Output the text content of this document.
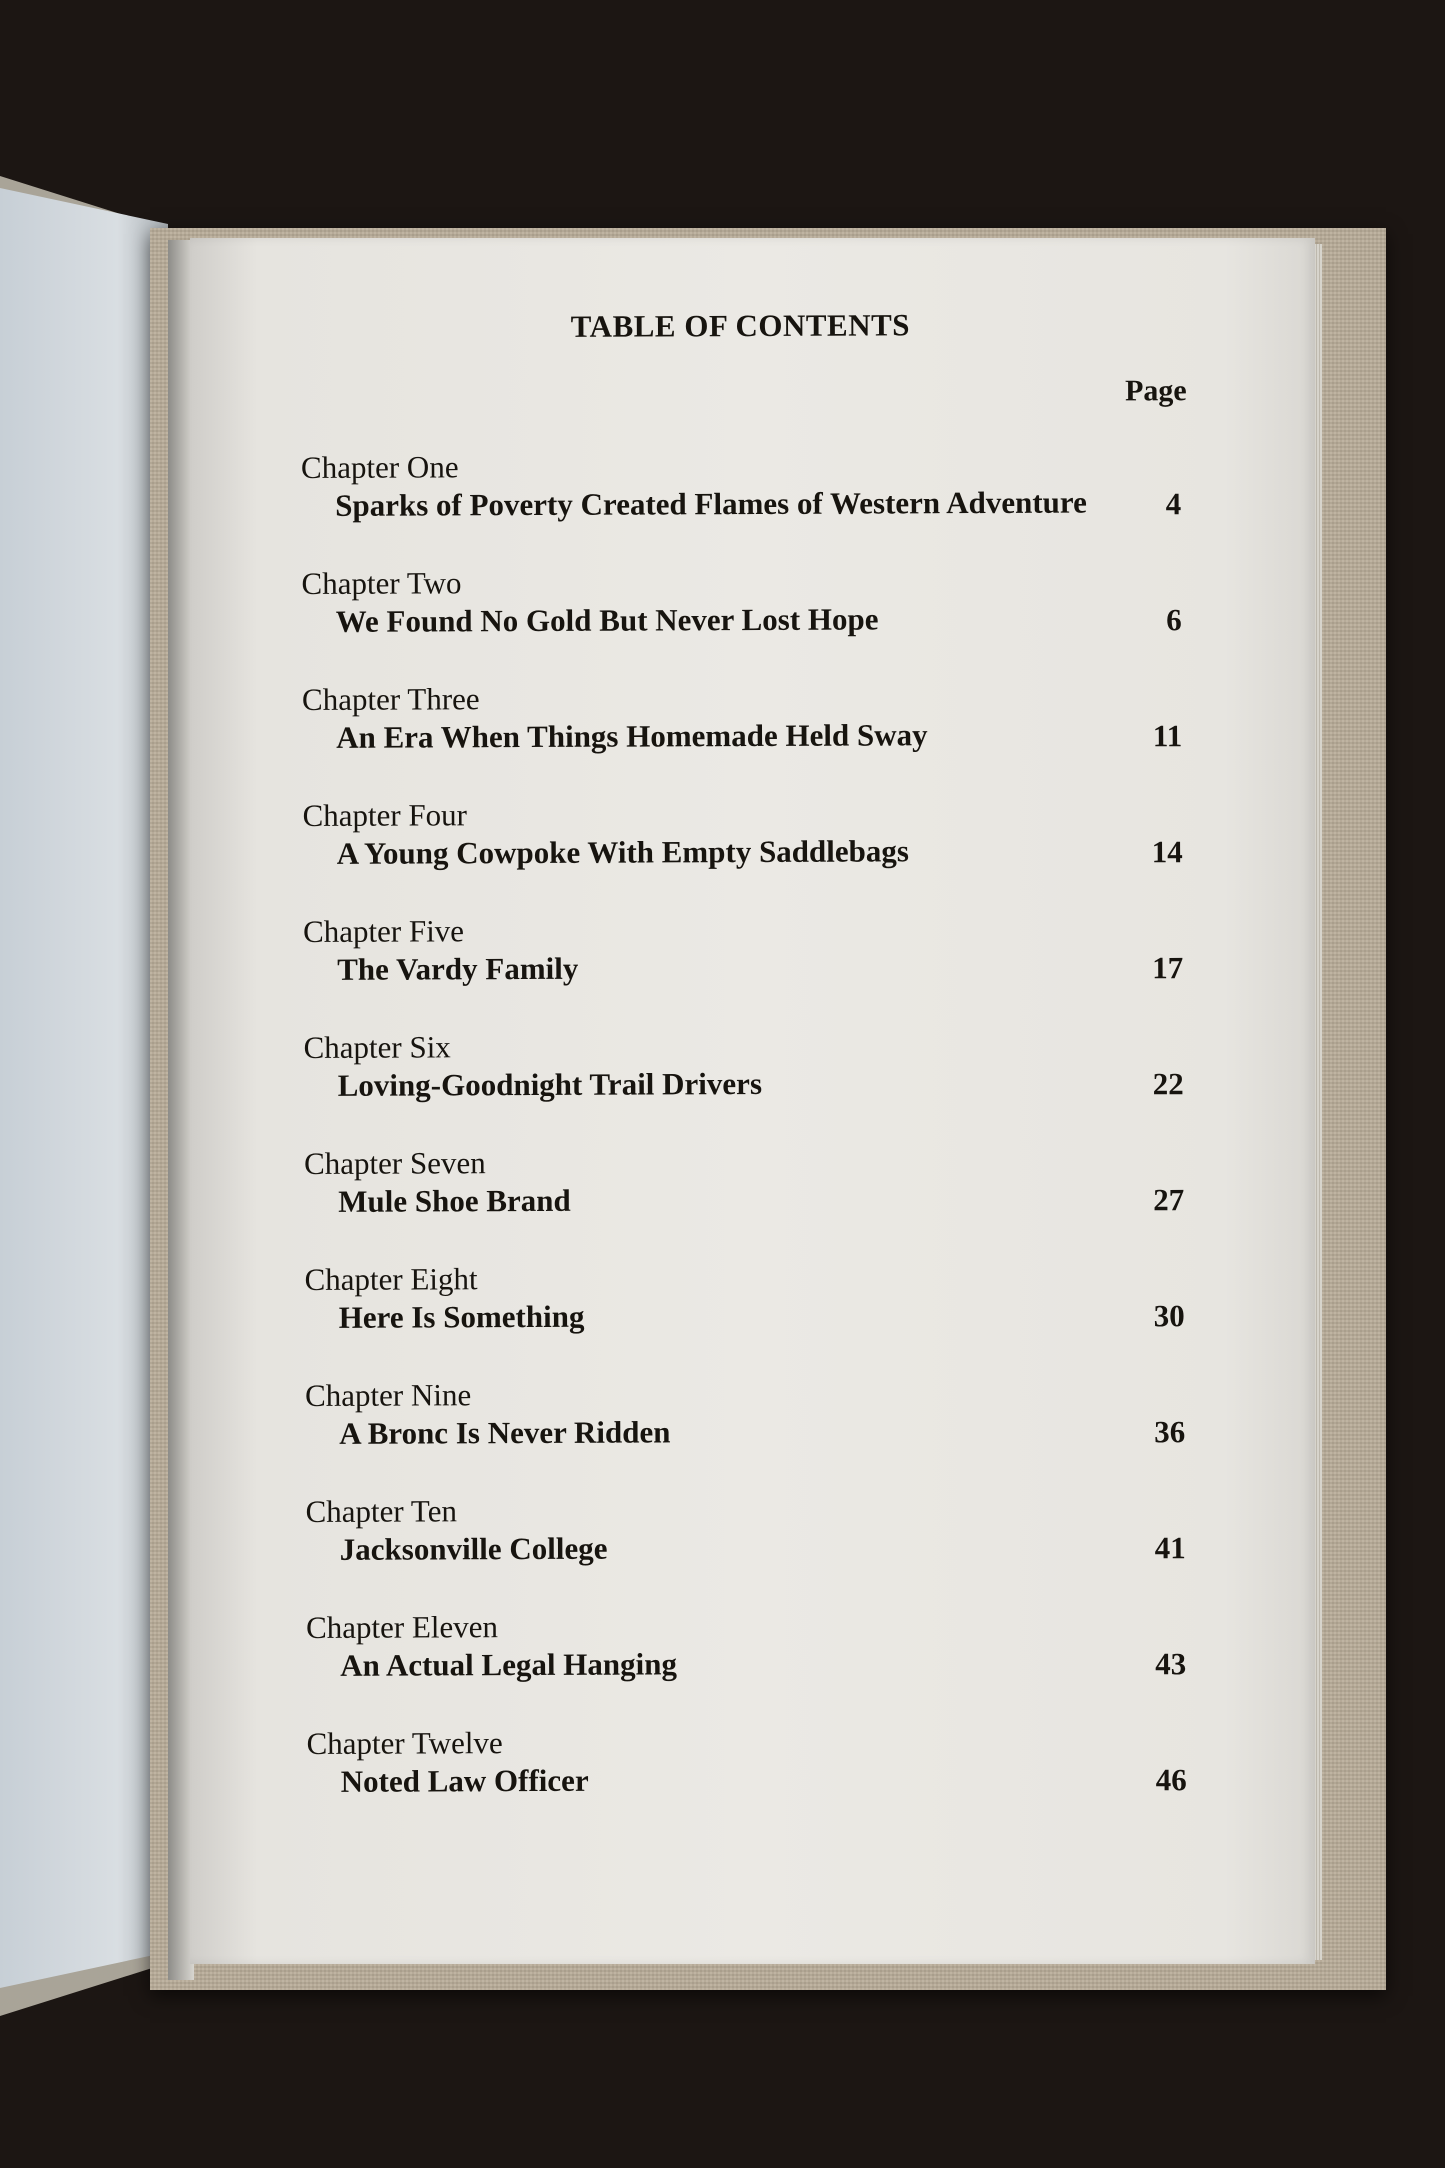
TABLE OF CONTENTS
Page
Chapter One
Sparks of Poverty Created Flames of Western Adventure	4
Chapter Two
We Found No Gold But Never Lost Hope	6
Chapter Three
An Era When Things Homemade Held Sway	11
Chapter Four
A Young Cowpoke With Empty Saddlebags	14
Chapter Five
The Vardy Family	17
Chapter Six
Loving-Goodnight Trail Drivers	22
Chapter Seven
Mule Shoe Brand	27
Chapter Eight
Here Is Something	30
Chapter Nine
A Bronc Is Never Ridden	36
Chapter Ten
Jacksonville College	41
Chapter Eleven
An Actual Legal Hanging	43
Chapter Twelve
Noted Law Officer	46
